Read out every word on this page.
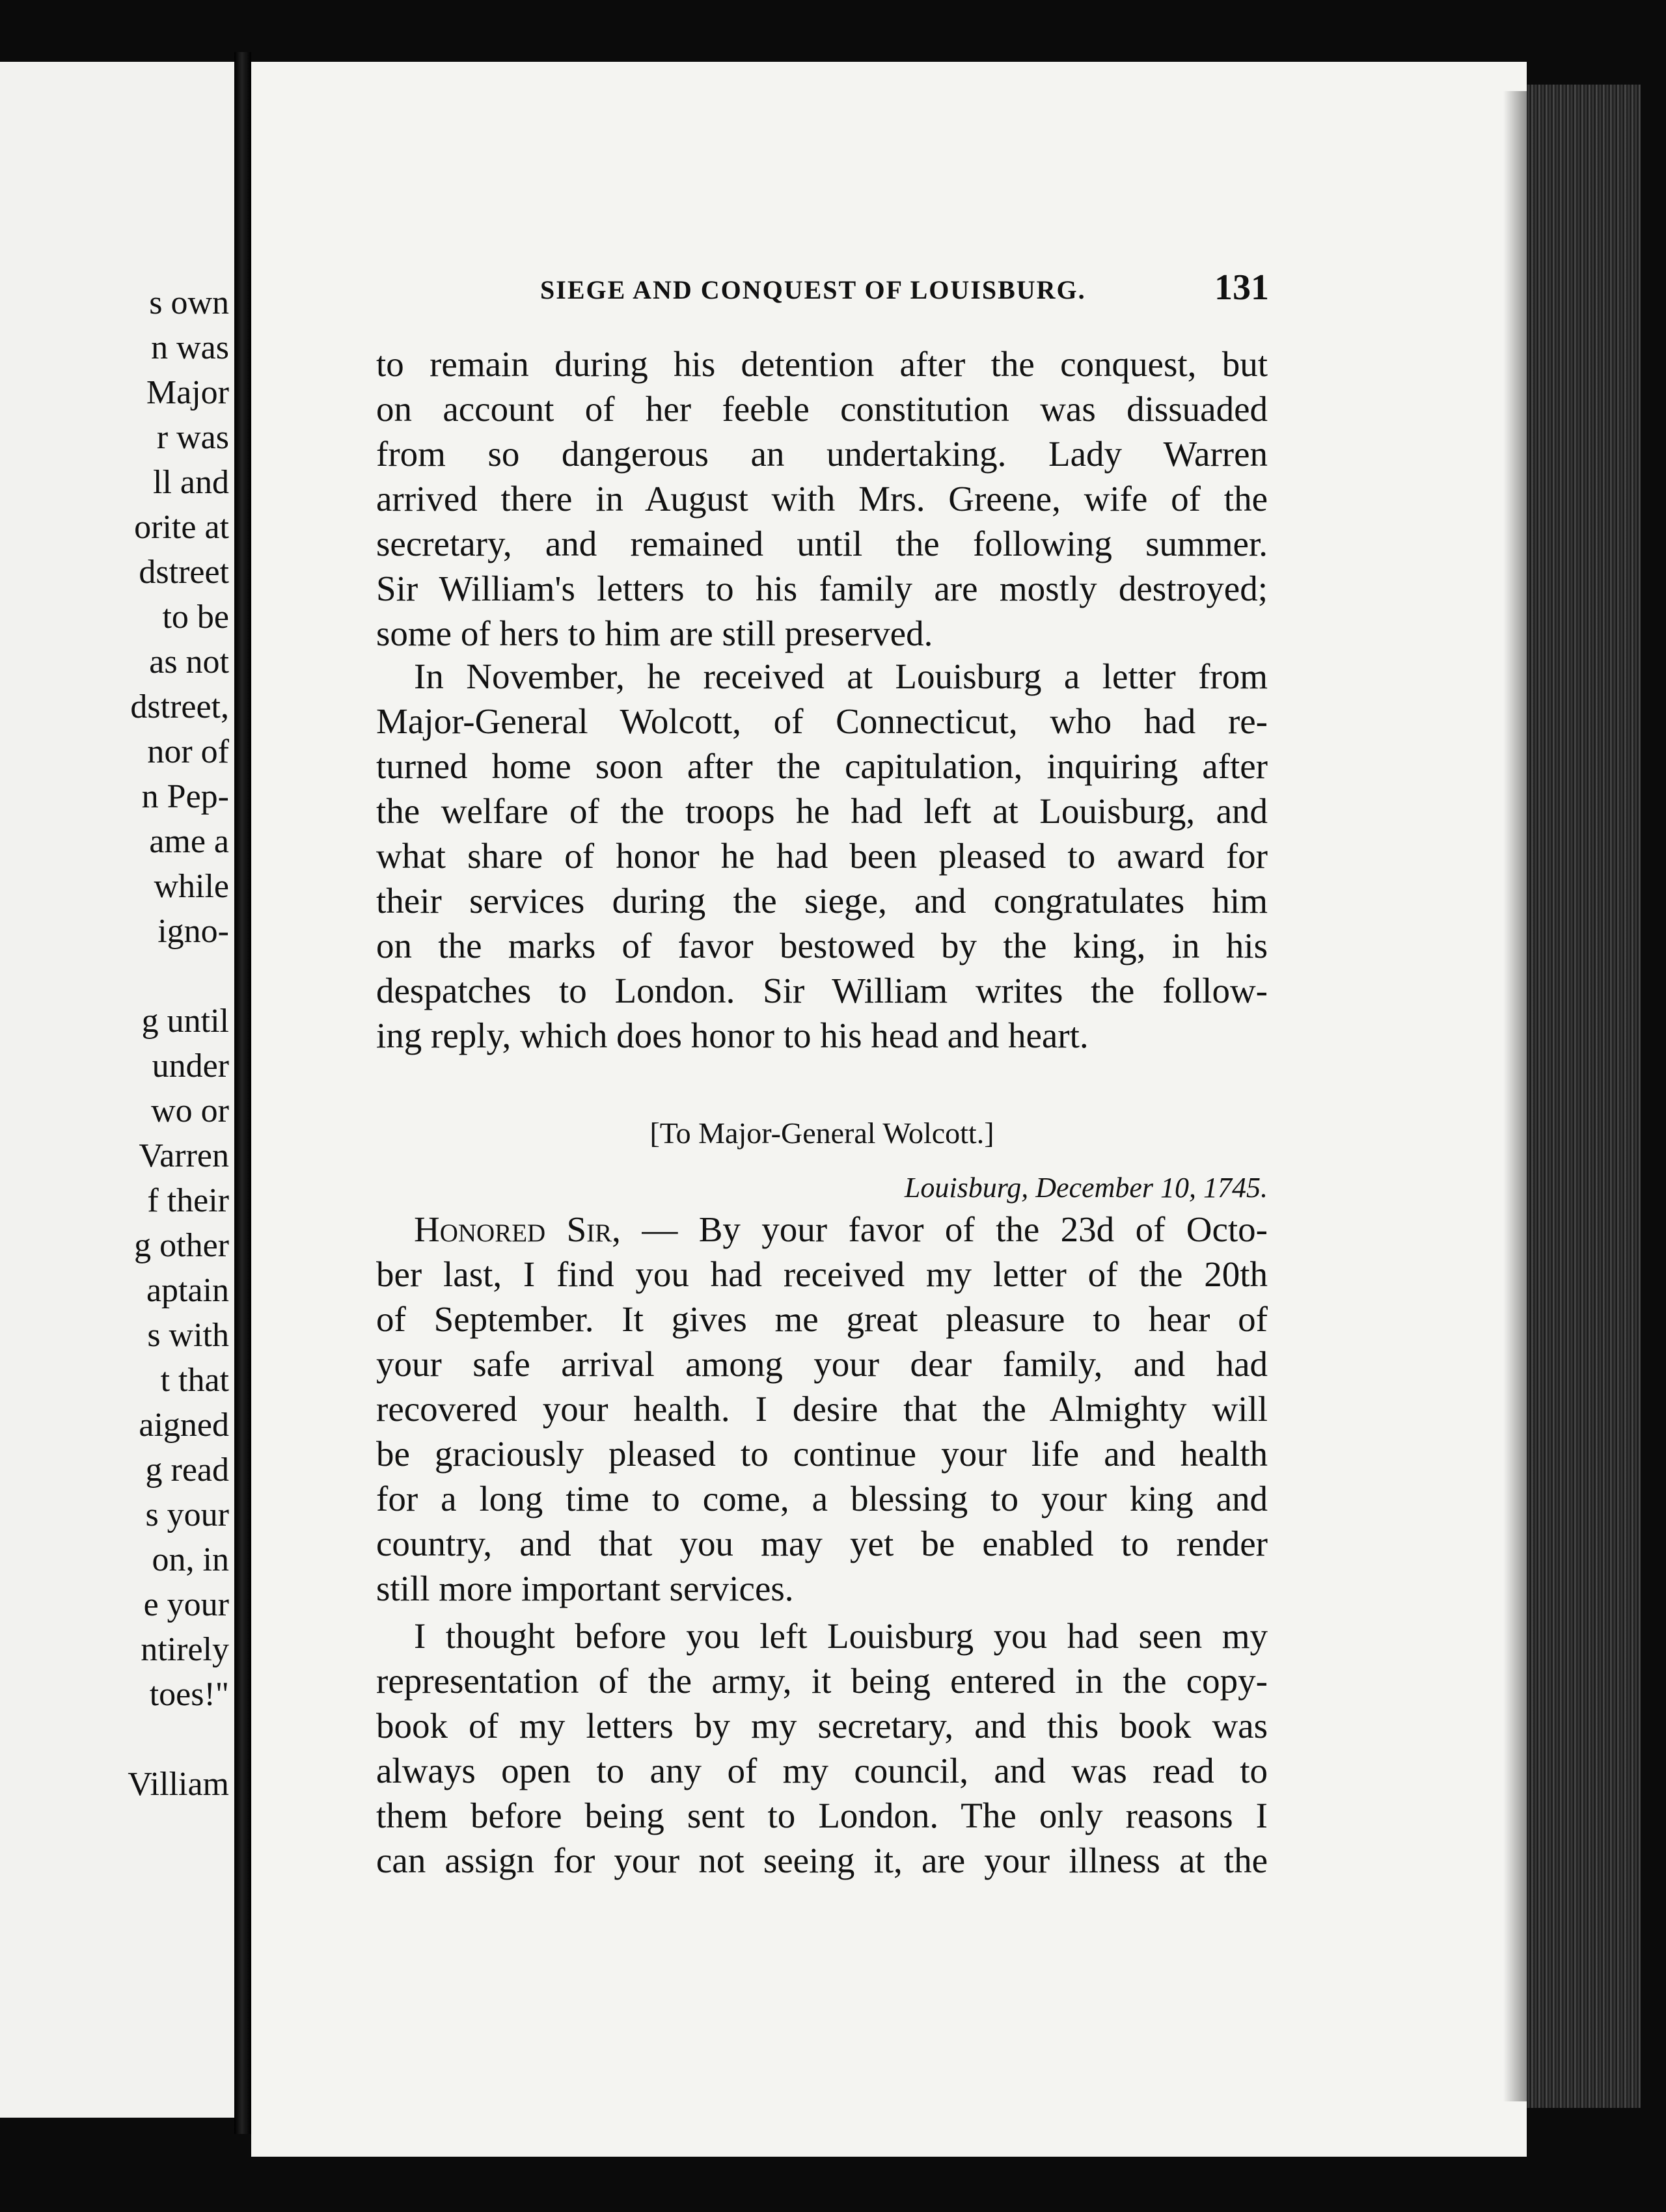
s own
n was
Major
r was
ll and
orite at
dstreet
to be
as not
dstreet,
nor of
n Pep-
ame a
while
igno-
g until
under
wo or
Varren
f their
g other
aptain
s with
t that
aigned
g read
s your
on, in
e your
ntirely
toes!"
Villiam
SIEGE AND CONQUEST OF LOUISBURG.	131
to remain during his detention after the conquest, but
on account of her feeble constitution was dissuaded
from so dangerous an undertaking. Lady Warren
arrived there in August with Mrs. Greene, wife of the
secretary, and remained until the following summer.
Sir William's letters to his family are mostly destroyed;
some of hers to him are still preserved.
In November, he received at Louisburg a letter from
Major-General Wolcott, of Connecticut, who had re-
turned home soon after the capitulation, inquiring after
the welfare of the troops he had left at Louisburg, and
what share of honor he had been pleased to award for
their services during the siege, and congratulates him
on the marks of favor bestowed by the king, in his
despatches to London. Sir William writes the follow-
ing reply, which does honor to his head and heart.
Honored Sir, — By your favor of the 23d of Octo-
ber last, I find you had received my letter of the 20th
of September. It gives me great pleasure to hear of
your safe arrival among your dear family, and had
recovered your health. I desire that the Almighty will
be graciously pleased to continue your life and health
for a long time to come, a blessing to your king and
country, and that you may yet be enabled to render
still more important services.
I thought before you left Louisburg you had seen my
representation of the army, it being entered in the copy-
book of my letters by my secretary, and this book was
always open to any of my council, and was read to
them before being sent to London. The only reasons I
can assign for your not seeing it, are your illness at the
[To Major-General Wolcott.]
Louisburg, December 10, 1745.
